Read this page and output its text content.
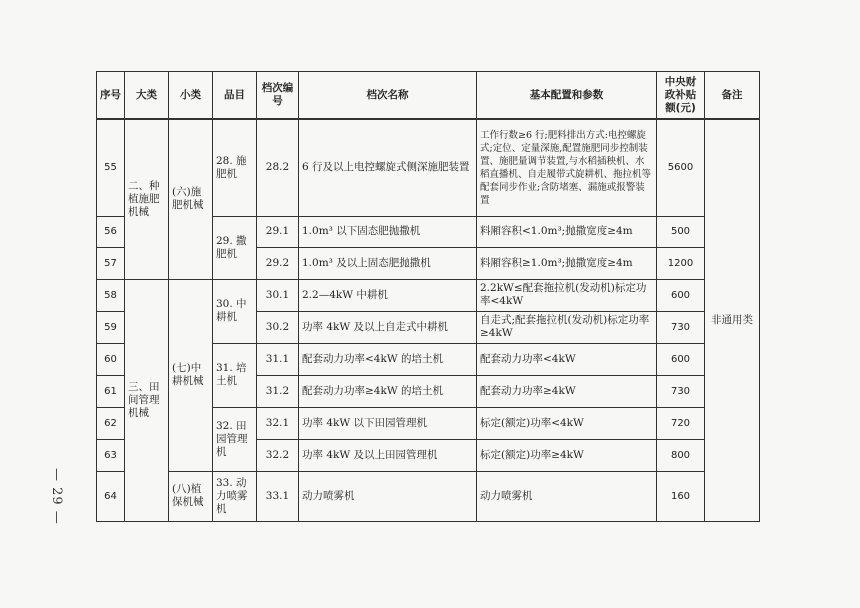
— 29 —
序号	大类	小类	品目	档次编号	档次名称	基本配置和参数	中央财政补贴额(元)	备注
55	二、种植施肥机械	(六)施肥机械	28. 施肥机	28.2	6 行及以上电控螺旋式侧深施肥装置	工作行数≥6 行;肥料排出方式:电控螺旋式;定位、定量深施,配置施肥同步控制装置、施肥量调节装置,与水稻插秧机、水稻直播机、自走履带式旋耕机、拖拉机等配套同步作业;含防堵塞、漏施或报警装置	5600	非通用类
56			29. 撒肥机	29.1	1.0m³ 以下固态肥抛撒机	料厢容积<1.0m³;抛撒宽度≥4m	500	
57				29.2	1.0m³ 及以上固态肥抛撒机	料厢容积≥1.0m³;抛撒宽度≥4m	1200	
58	三、田间管理机械	(七)中耕机械	30. 中耕机	30.1	2.2—4kW 中耕机	2.2kW≤配套拖拉机(发动机)标定功率<4kW	600	
59				30.2	功率 4kW 及以上自走式中耕机	自走式;配套拖拉机(发动机)标定功率≥4kW	730	
60			31. 培土机	31.1	配套动力功率<4kW 的培土机	配套动力功率<4kW	600	
61				31.2	配套动力功率≥4kW 的培土机	配套动力功率≥4kW	730	
62			32. 田园管理机	32.1	功率 4kW 以下田园管理机	标定(额定)功率<4kW	720	
63				32.2	功率 4kW 及以上田园管理机	标定(额定)功率≥4kW	800	
64		(八)植保机械	33. 动力喷雾机	33.1	动力喷雾机	动力喷雾机	160	
